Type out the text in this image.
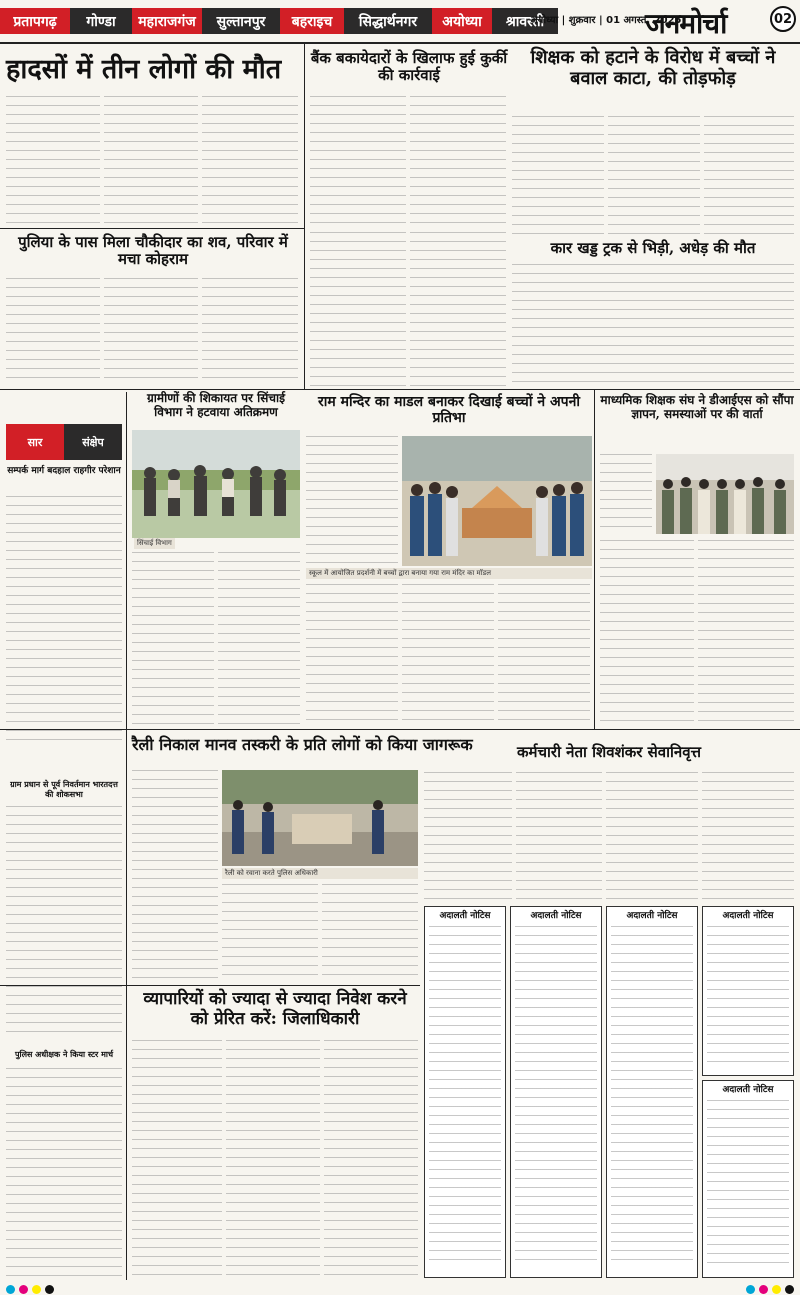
प्रतापगढ़	गोण्डा	महाराजगंज	सुल्तानपुर	बहराइच	सिद्धार्थनगर	अयोध्या	श्रावस्ती
अयोध्या | शुक्रवार | 01 अगस्त, 2025
जनमोर्चा	02
हादसों में तीन लोगों की मौत	बैंक बकायेदारों के खिलाफ हुई कुर्की की कार्रवाई
शिक्षक को हटाने के विरोध में बच्चों ने बवाल काटा, की तोड़फोड़
पुलिया के पास मिला चौकीदार का शव, परिवार में मचा कोहराम
कार खड्ड ट्रक से भिड़ी, अधेड़ की मौत
सार	संक्षेप
सम्पर्क मार्ग बदहाल राहगीर परेशान
ग्राम प्रधान से पूर्व निवर्तमान भारतदत्त की शोकसभा
पुलिस अधीक्षक ने किया स्टर मार्च
ग्रामीणों की शिकायत पर सिंचाई विभाग ने हटवाया अतिक्रमण
सिंचाई विभाग
राम मन्दिर का माडल बनाकर दिखाई बच्चों ने अपनी प्रतिभा
स्कूल में आयोजित प्रदर्शनी में बच्चों द्वारा बनाया गया राम मंदिर का मॉडल
माध्यमिक शिक्षक संघ ने डीआईएस को सौंपा ज्ञापन, समस्याओं पर की वार्ता
रैली निकाल मानव तस्करी के प्रति लोगों को किया जागरूक
रैली को रवाना करते पुलिस अधिकारी
कर्मचारी नेता शिवशंकर सेवानिवृत्त
व्यापारियों को ज्यादा से ज्यादा निवेश करने को प्रेरित करें: जिलाधिकारी
अदालती नोटिस	अदालती नोटिस	अदालती नोटिस	अदालती नोटिस
अदालती नोटिस
